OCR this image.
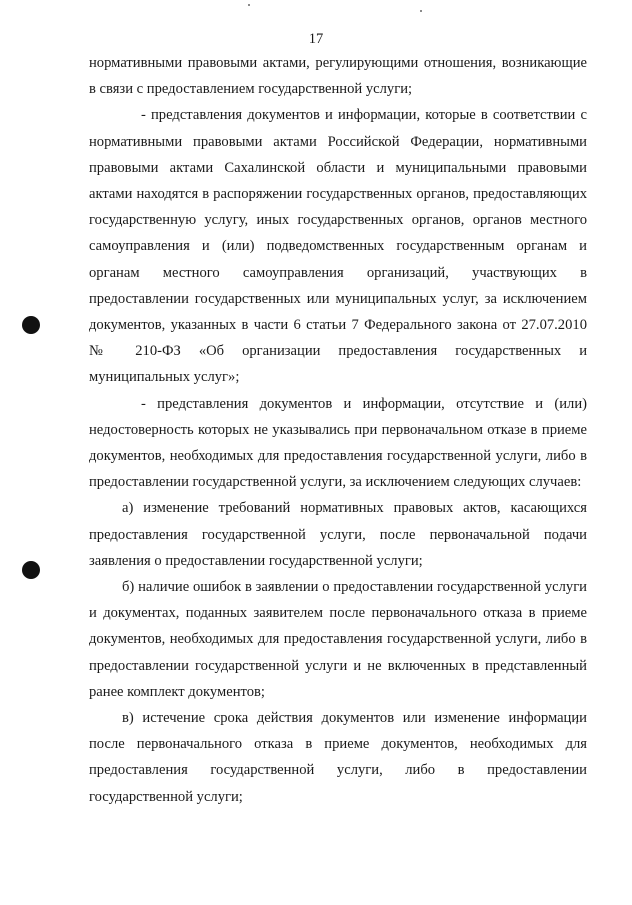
17

нормативными правовыми актами, регулирующими отношения, возникающие в связи с предоставлением государственной услуги;

- представления документов и информации, которые в соответствии с нормативными правовыми актами Российской Федерации, нормативными правовыми актами Сахалинской области и муниципальными правовыми актами находятся в распоряжении государственных органов, предоставляющих государственную услугу, иных государственных органов, органов местного самоуправления и (или) подведомственных государственным органам и органам местного самоуправления организаций, участвующих в предоставлении государственных или муниципальных услуг, за исключением документов, указанных в части 6 статьи 7 Федерального закона от 27.07.2010 № 210-ФЗ «Об организации предоставления государственных и муниципальных услуг»;

- представления документов и информации, отсутствие и (или) недостоверность которых не указывались при первоначальном отказе в приеме документов, необходимых для предоставления государственной услуги, либо в предоставлении государственной услуги, за исключением следующих случаев:

а) изменение требований нормативных правовых актов, касающихся предоставления государственной услуги, после первоначальной подачи заявления о предоставлении государственной услуги;

б) наличие ошибок в заявлении о предоставлении государственной услуги и документах, поданных заявителем после первоначального отказа в приеме документов, необходимых для предоставления государственной услуги, либо в предоставлении государственной услуги и не включенных в представленный ранее комплект документов;

в) истечение срока действия документов или изменение информации после первоначального отказа в приеме документов, необходимых для предоставления государственной услуги, либо в предоставлении государственной услуги;
